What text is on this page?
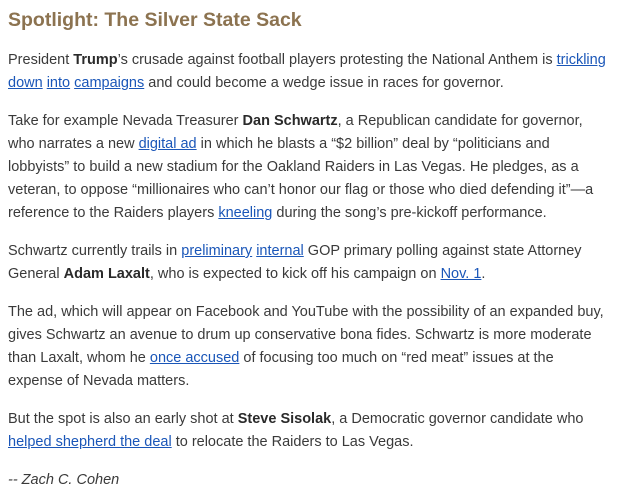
Spotlight: The Silver State Sack

President Trump’s crusade against football players protesting the National Anthem is trickling down into campaigns and could become a wedge issue in races for governor.

Take for example Nevada Treasurer Dan Schwartz, a Republican candidate for governor, who narrates a new digital ad in which he blasts a “$2 billion” deal by “politicians and lobbyists” to build a new stadium for the Oakland Raiders in Las Vegas. He pledges, as a veteran, to oppose “millionaires who can’t honor our flag or those who died defending it”—a reference to the Raiders players kneeling during the song’s pre-kickoff performance.

Schwartz currently trails in preliminary internal GOP primary polling against state Attorney General Adam Laxalt, who is expected to kick off his campaign on Nov. 1.

The ad, which will appear on Facebook and YouTube with the possibility of an expanded buy, gives Schwartz an avenue to drum up conservative bona fides. Schwartz is more moderate than Laxalt, whom he once accused of focusing too much on “red meat” issues at the expense of Nevada matters.

But the spot is also an early shot at Steve Sisolak, a Democratic governor candidate who helped shepherd the deal to relocate the Raiders to Las Vegas.

-- Zach C. Cohen
